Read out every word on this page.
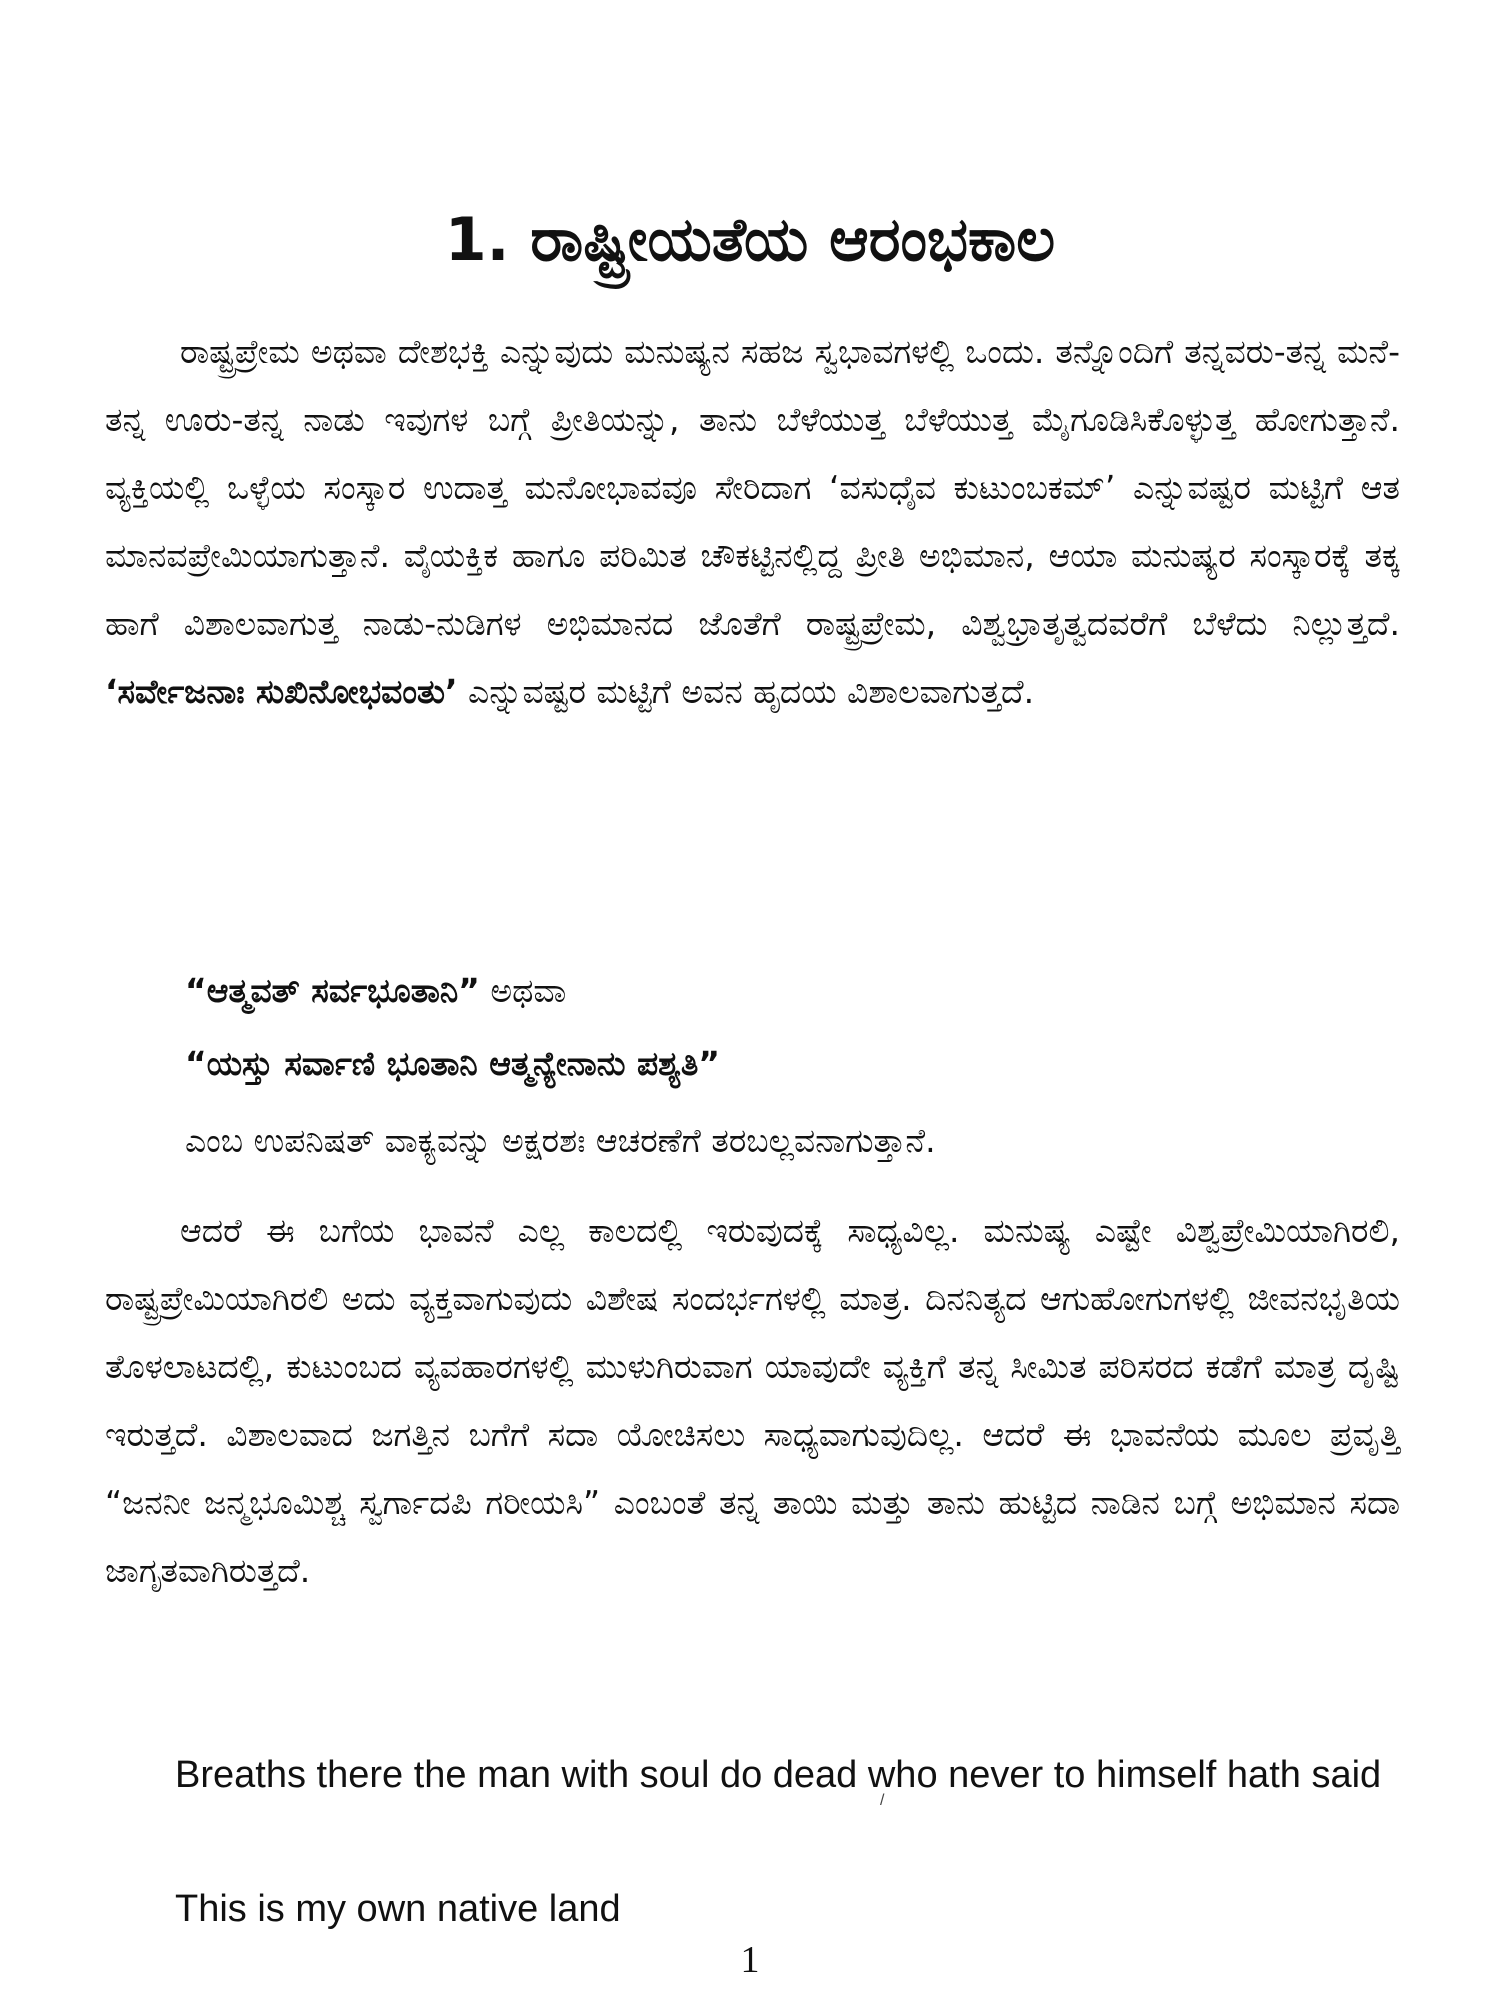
1. ರಾಷ್ಟ್ರೀಯತೆಯ ಆರಂಭಕಾಲ

ರಾಷ್ಟ್ರಪ್ರೇಮ ಅಥವಾ ದೇಶಭಕ್ತಿ ಎನ್ನುವುದು ಮನುಷ್ಯನ ಸಹಜ ಸ್ವಭಾವಗಳಲ್ಲಿ ಒಂದು. ತನ್ನೊಂದಿಗೆ ತನ್ನವರು-ತನ್ನ ಮನೆ-ತನ್ನ ಊರು-ತನ್ನ ನಾಡು ಇವುಗಳ ಬಗ್ಗೆ ಪ್ರೀತಿಯನ್ನು, ತಾನು ಬೆಳೆಯುತ್ತ ಬೆಳೆಯುತ್ತ ಮೈಗೂಡಿಸಿಕೊಳ್ಳುತ್ತ ಹೋಗುತ್ತಾನೆ. ವ್ಯಕ್ತಿಯಲ್ಲಿ ಒಳ್ಳೆಯ ಸಂಸ್ಕಾರ ಉದಾತ್ತ ಮನೋಭಾವವೂ ಸೇರಿದಾಗ ‘ವಸುಧೈವ ಕುಟುಂಬಕಮ್’ ಎನ್ನುವಷ್ಟರ ಮಟ್ಟಿಗೆ ಆತ ಮಾನವಪ್ರೇಮಿಯಾಗುತ್ತಾನೆ. ವೈಯಕ್ತಿಕ ಹಾಗೂ ಪರಿಮಿತ ಚೌಕಟ್ಟಿನಲ್ಲಿದ್ದ ಪ್ರೀತಿ ಅಭಿಮಾನ, ಆಯಾ ಮನುಷ್ಯರ ಸಂಸ್ಕಾರಕ್ಕೆ ತಕ್ಕ ಹಾಗೆ ವಿಶಾಲವಾಗುತ್ತ ನಾಡು-ನುಡಿಗಳ ಅಭಿಮಾನದ ಜೊತೆಗೆ ರಾಷ್ಟ್ರಪ್ರೇಮ, ವಿಶ್ವಭ್ರಾತೃತ್ವದವರೆಗೆ ಬೆಳೆದು ನಿಲ್ಲುತ್ತದೆ. ‘ಸರ್ವೇಜನಾಃ ಸುಖಿನೋಭವಂತು’ ಎನ್ನುವಷ್ಟರ ಮಟ್ಟಿಗೆ ಅವನ ಹೃದಯ ವಿಶಾಲವಾಗುತ್ತದೆ.

“ಆತ್ಮವತ್ ಸರ್ವಭೂತಾನಿ” ಅಥವಾ

“ಯಸ್ತು ಸರ್ವಾಣಿ ಭೂತಾನಿ ಆತ್ಮನ್ಯೇನಾನು ಪಶ್ಯತಿ”

ಎಂಬ ಉಪನಿಷತ್ ವಾಕ್ಯವನ್ನು ಅಕ್ಷರಶಃ ಆಚರಣೆಗೆ ತರಬಲ್ಲವನಾಗುತ್ತಾನೆ.

ಆದರೆ ಈ ಬಗೆಯ ಭಾವನೆ ಎಲ್ಲ ಕಾಲದಲ್ಲಿ ಇರುವುದಕ್ಕೆ ಸಾಧ್ಯವಿಲ್ಲ. ಮನುಷ್ಯ ಎಷ್ಟೇ ವಿಶ್ವಪ್ರೇಮಿಯಾಗಿರಲಿ, ರಾಷ್ಟ್ರಪ್ರೇಮಿಯಾಗಿರಲಿ ಅದು ವ್ಯಕ್ತವಾಗುವುದು ವಿಶೇಷ ಸಂದರ್ಭಗಳಲ್ಲಿ ಮಾತ್ರ. ದಿನನಿತ್ಯದ ಆಗುಹೋಗುಗಳಲ್ಲಿ ಜೀವನಭೃತಿಯ ತೊಳಲಾಟದಲ್ಲಿ, ಕುಟುಂಬದ ವ್ಯವಹಾರಗಳಲ್ಲಿ ಮುಳುಗಿರುವಾಗ ಯಾವುದೇ ವ್ಯಕ್ತಿಗೆ ತನ್ನ ಸೀಮಿತ ಪರಿಸರದ ಕಡೆಗೆ ಮಾತ್ರ ದೃಷ್ಟಿ ಇರುತ್ತದೆ. ವಿಶಾಲವಾದ ಜಗತ್ತಿನ ಬಗೆಗೆ ಸದಾ ಯೋಚಿಸಲು ಸಾಧ್ಯವಾಗುವುದಿಲ್ಲ. ಆದರೆ ಈ ಭಾವನೆಯ ಮೂಲ ಪ್ರವೃತ್ತಿ “ಜನನೀ ಜನ್ಮಭೂಮಿಶ್ಚ ಸ್ವರ್ಗಾದಪಿ ಗರೀಯಸಿ” ಎಂಬಂತೆ ತನ್ನ ತಾಯಿ ಮತ್ತು ತಾನು ಹುಟ್ಟಿದ ನಾಡಿನ ಬಗ್ಗೆ ಅಭಿಮಾನ ಸದಾ ಜಾಗೃತವಾಗಿರುತ್ತದೆ.

Breaths there the man with soul do dead who never to himself hath said

/

This is my own native land

1
